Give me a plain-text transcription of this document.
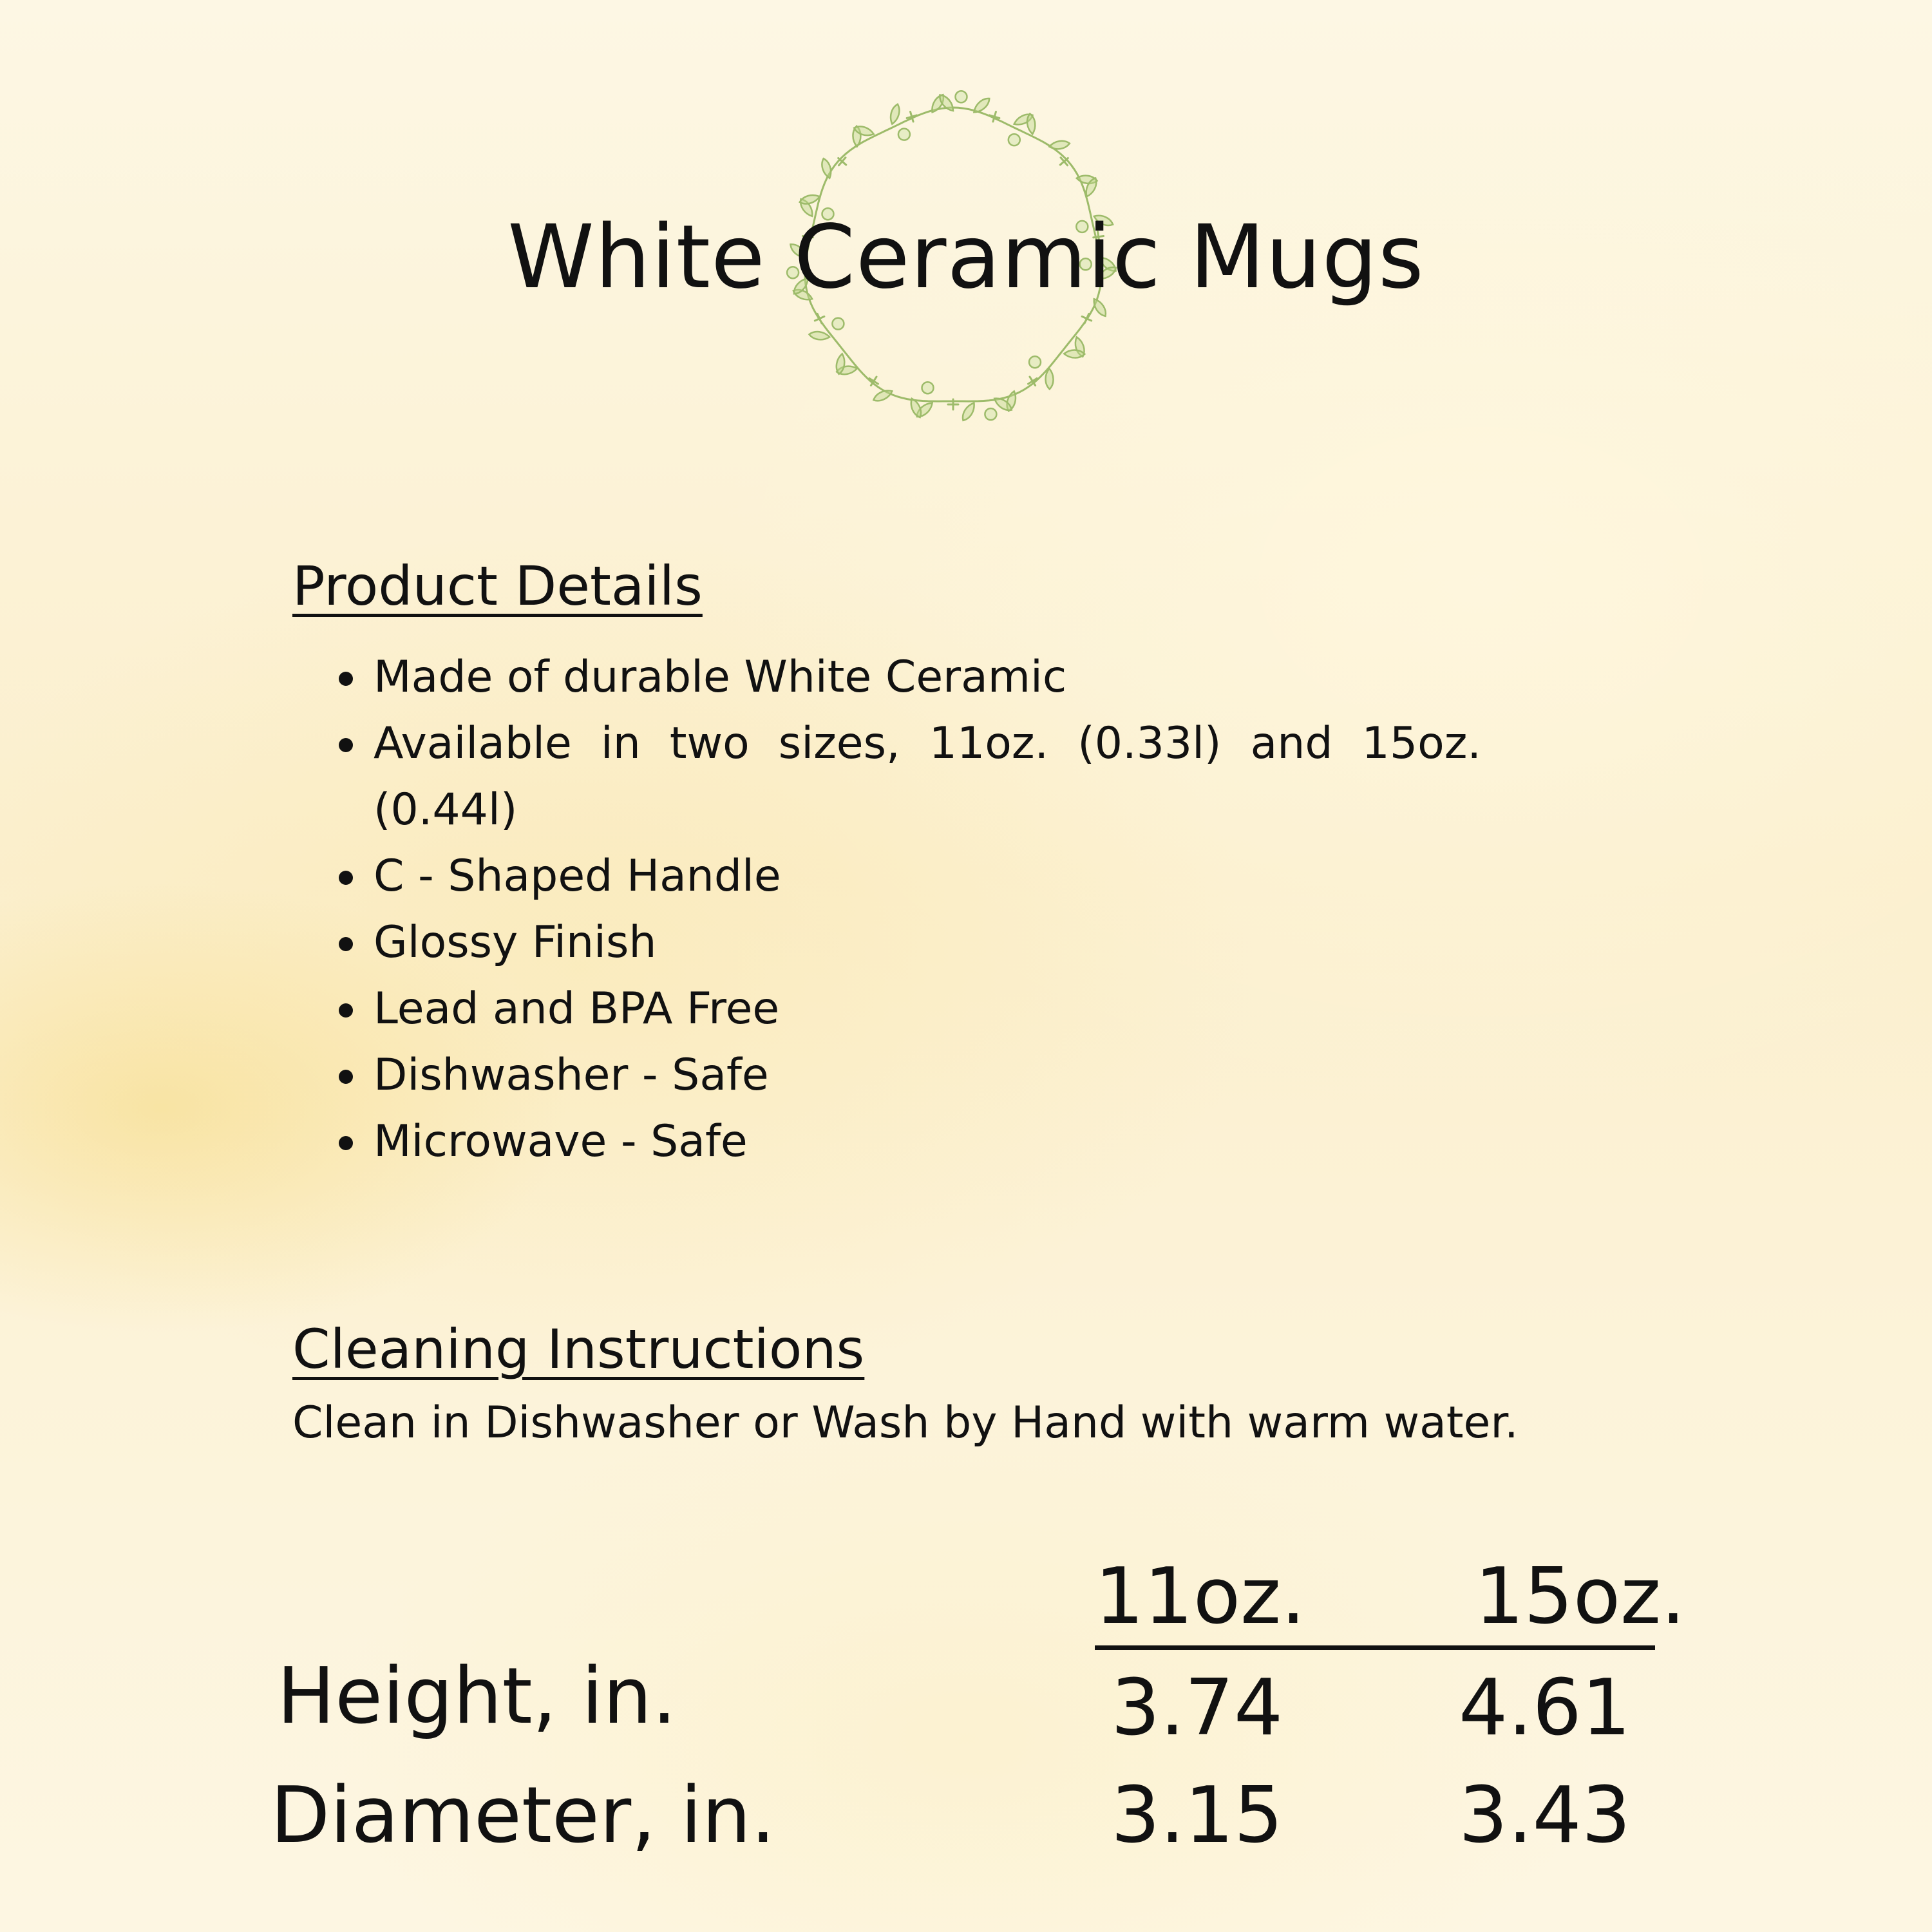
White Ceramic Mugs
Product Details
Made of durable White Ceramic
Available in two sizes, 11oz. (0.33l) and 15oz. (0.44l)
C - Shaped Handle
Glossy Finish
Lead and BPA Free
Dishwasher - Safe
Microwave - Safe
Cleaning Instructions

Clean in Dishwasher or Wash by Hand with warm water.

11oz. 15oz.
Height, in.	3.74 4.61
Diameter, in.	3.15 3.43
